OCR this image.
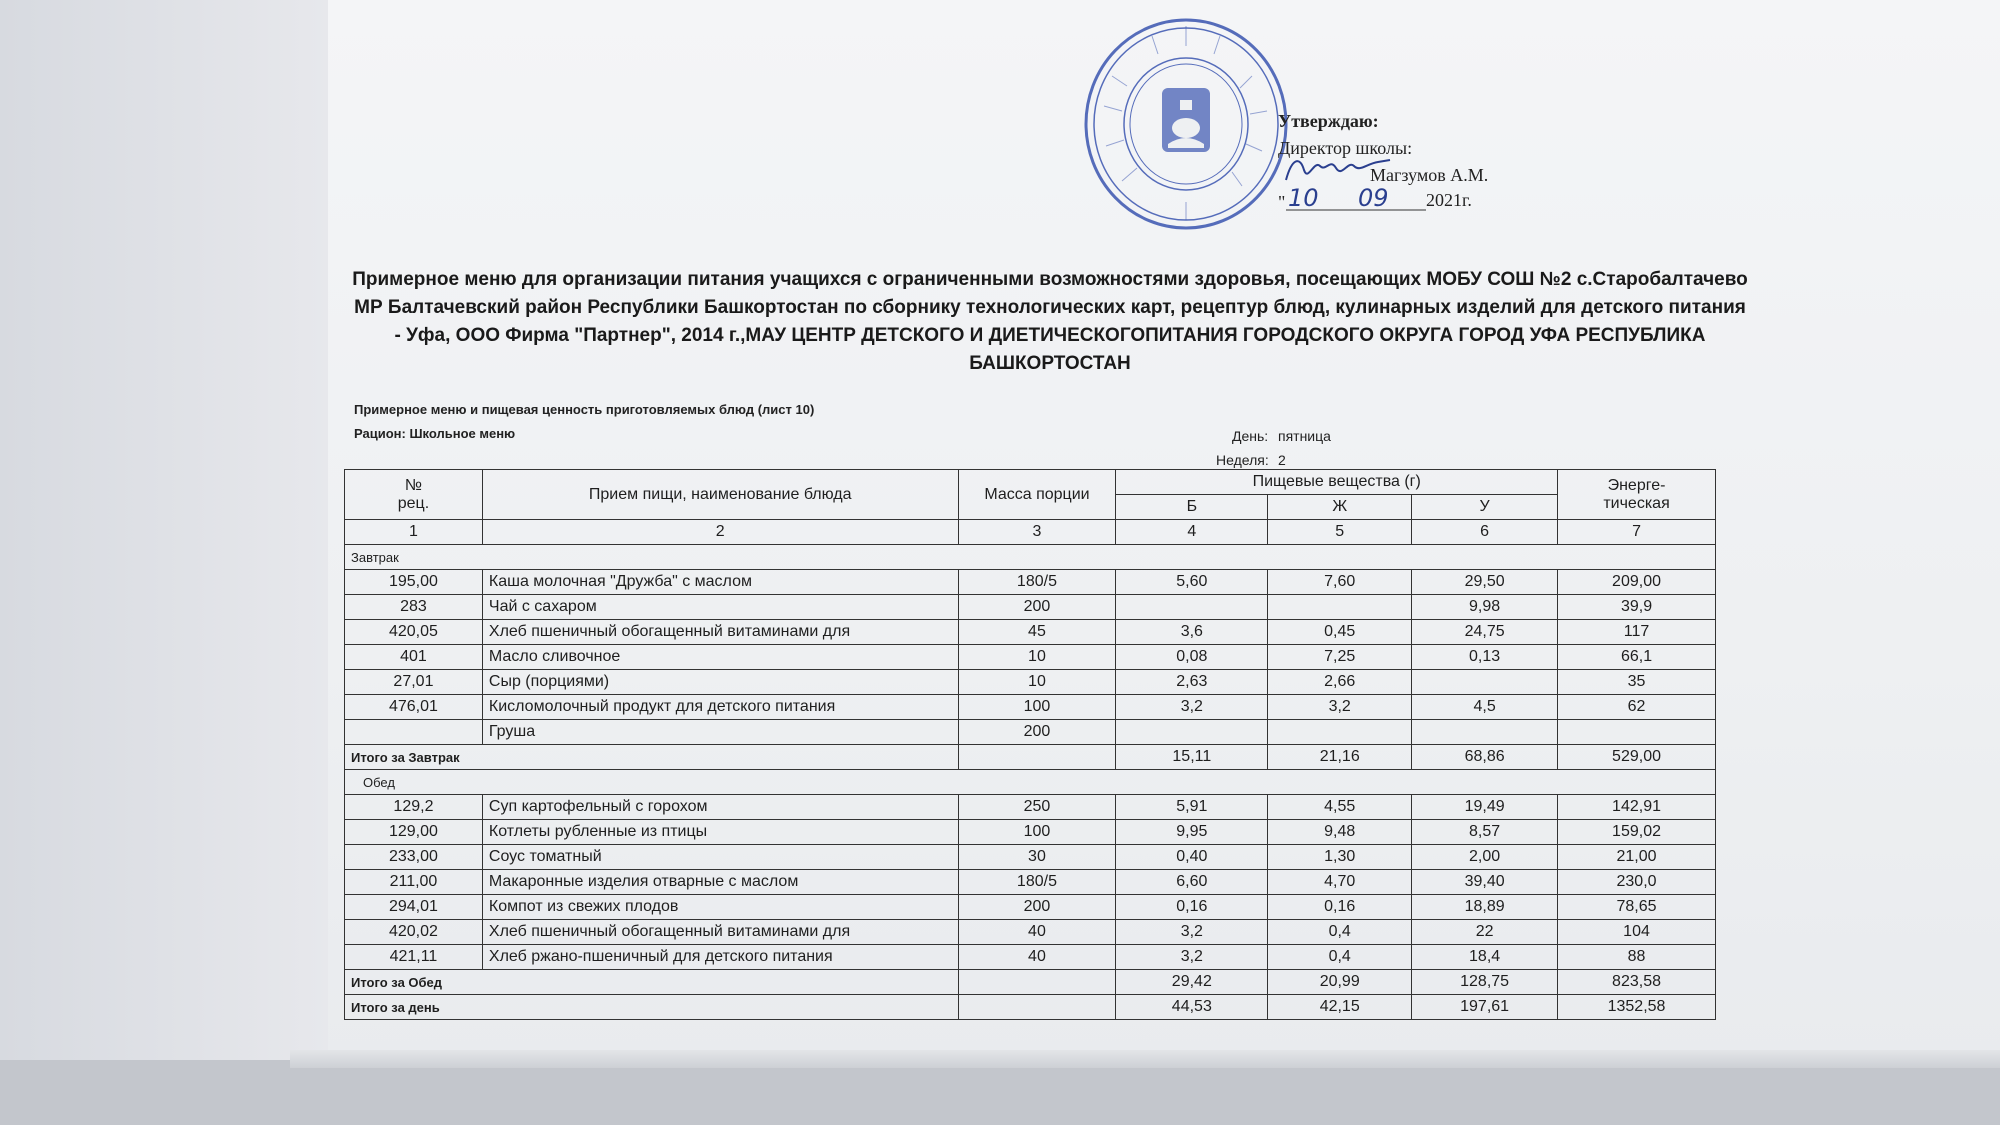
Утверждаю:
Директор школы:
Магзумов А.М.
" 10 09 2021г.
Примерное меню для организации питания учащихся с ограниченными возможностями здоровья, посещающих МОБУ СОШ №2 с.Старобалтачево МР Балтачевский район Республики Башкортостан по сборнику технологических карт, рецептур блюд, кулинарных изделий для детского питания - Уфа, ООО Фирма "Партнер", 2014 г.,МАУ ЦЕНТР ДЕТСКОГО И ДИЕТИЧЕСКОГОПИТАНИЯ ГОРОДСКОГО ОКРУГА ГОРОД УФА РЕСПУБЛИКА БАШКОРТОСТАН
Примерное меню и пищевая ценность приготовляемых блюд (лист 10)
Рацион: Школьное меню	День: пятница
Неделя: 2
№
рец.	Прием пищи, наименование блюда	Масса порции	Пищевые вещества (г)			Энерге-
тическая
			Б	Ж	У	
1	2	3	4	5	6	7
Завтрак						
195,00	Каша молочная "Дружба" с маслом	180/5	5,60	7,60	29,50	209,00
283	Чай с сахаром	200			9,98	39,9
420,05	Хлеб пшеничный обогащенный витаминами для	45	3,6	0,45	24,75	117
401	Масло сливочное	10	0,08	7,25	0,13	66,1
27,01	Сыр (порциями)	10	2,63	2,66		35
476,01	Кисломолочный продукт для детского питания	100	3,2	3,2	4,5	62
	Груша	200				
Итого за Завтрак			15,11	21,16	68,86	529,00
Обед						
129,2	Суп картофельный с горохом	250	5,91	4,55	19,49	142,91
129,00	Котлеты рубленные из птицы	100	9,95	9,48	8,57	159,02
233,00	Соус томатный	30	0,40	1,30	2,00	21,00
211,00	Макаронные изделия отварные с маслом	180/5	6,60	4,70	39,40	230,0
294,01	Компот из свежих плодов	200	0,16	0,16	18,89	78,65
420,02	Хлеб пшеничный обогащенный витаминами для	40	3,2	0,4	22	104
421,11	Хлеб ржано-пшеничный для детского питания	40	3,2	0,4	18,4	88
Итого за Обед			29,42	20,99	128,75	823,58
Итого за день			44,53	42,15	197,61	1352,58
